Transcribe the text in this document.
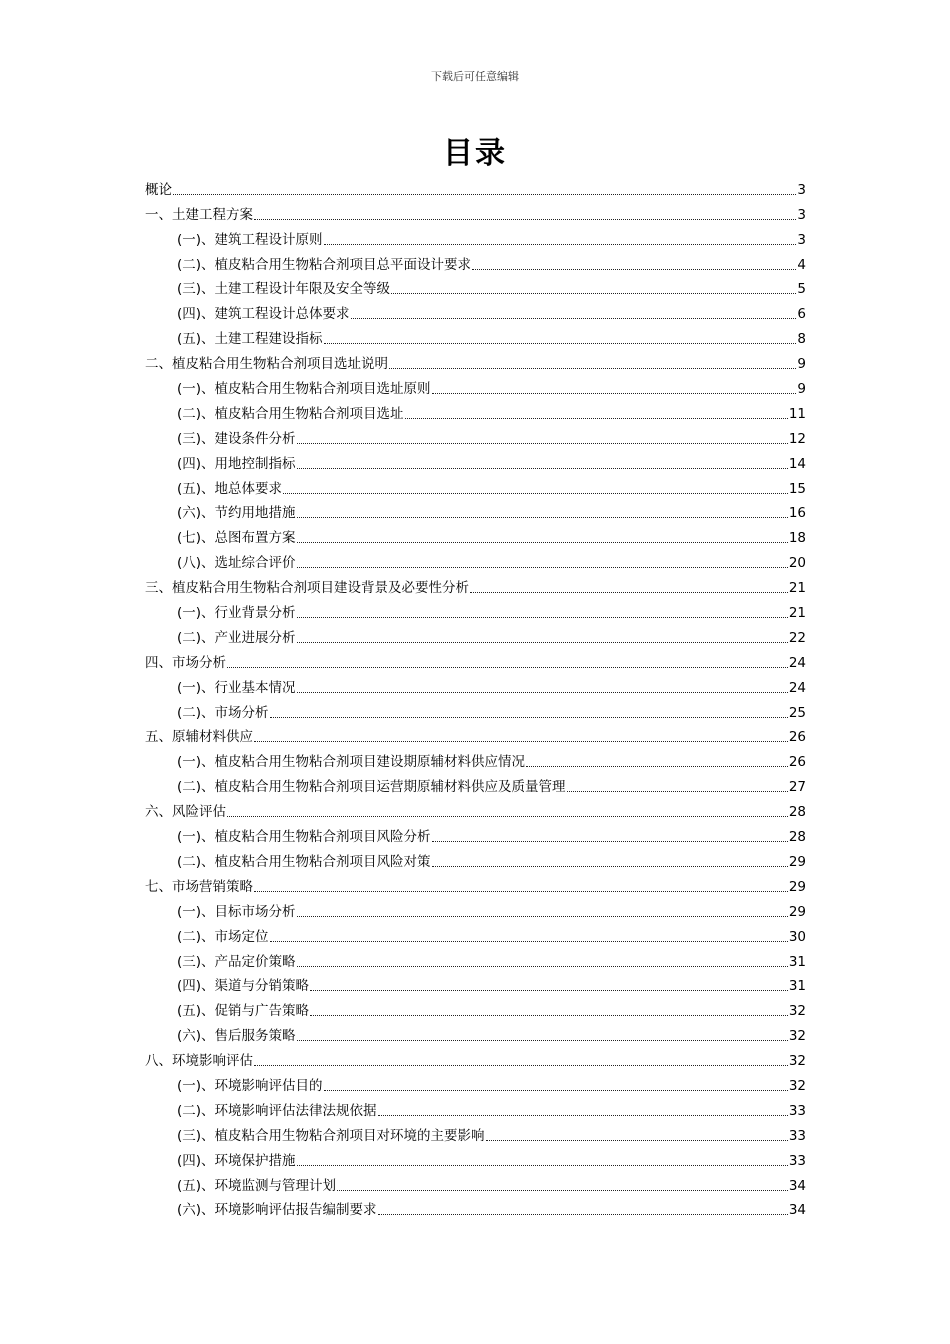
下载后可任意编辑
目录
概论	3
一、土建工程方案	3
(一)、建筑工程设计原则	3
(二)、植皮粘合用生物粘合剂项目总平面设计要求	4
(三)、土建工程设计年限及安全等级	5
(四)、建筑工程设计总体要求	6
(五)、土建工程建设指标	8
二、植皮粘合用生物粘合剂项目选址说明	9
(一)、植皮粘合用生物粘合剂项目选址原则	9
(二)、植皮粘合用生物粘合剂项目选址	11
(三)、建设条件分析	12
(四)、用地控制指标	14
(五)、地总体要求	15
(六)、节约用地措施	16
(七)、总图布置方案	18
(八)、选址综合评价	20
三、植皮粘合用生物粘合剂项目建设背景及必要性分析	21
(一)、行业背景分析	21
(二)、产业进展分析	22
四、市场分析	24
(一)、行业基本情况	24
(二)、市场分析	25
五、原辅材料供应	26
(一)、植皮粘合用生物粘合剂项目建设期原辅材料供应情况	26
(二)、植皮粘合用生物粘合剂项目运营期原辅材料供应及质量管理	27
六、风险评估	28
(一)、植皮粘合用生物粘合剂项目风险分析	28
(二)、植皮粘合用生物粘合剂项目风险对策	29
七、市场营销策略	29
(一)、目标市场分析	29
(二)、市场定位	30
(三)、产品定价策略	31
(四)、渠道与分销策略	31
(五)、促销与广告策略	32
(六)、售后服务策略	32
八、环境影响评估	32
(一)、环境影响评估目的	32
(二)、环境影响评估法律法规依据	33
(三)、植皮粘合用生物粘合剂项目对环境的主要影响	33
(四)、环境保护措施	33
(五)、环境监测与管理计划	34
(六)、环境影响评估报告编制要求	34
